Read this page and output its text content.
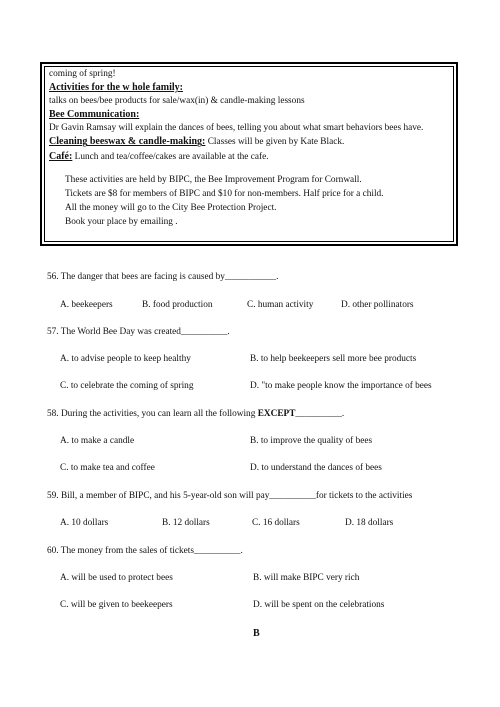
coming of spring!
Activities for the w hole family:
talks on bees/bee products for sale/wax(in) & candle-making lessons
Bee Communication:
Dr Gavin Ramsay will explain the dances of bees, telling you about what smart behaviors bees have.
Cleaning beeswax & candle-making: Classes will be given by Kate Black.
Café: Lunch and tea/coffee/cakes are available at the cafe.
These activities are held by BIPC, the Bee Improvement Program for Cornwall.
Tickets are $8 for members of BIPC and $10 for non-members. Half price for a child.
All the money will go to the City Bee Protection Project.
Book your place by emailing .
56. The danger that bees are facing is caused by___________.
A. beekeepers	B. food production	C. human activity	D. other pollinators
57. The World Bee Day was created__________.
A. to advise people to keep healthy	B. to help beekeepers sell more bee products
C. to celebrate the coming of spring	D. "to make people know the importance of bees
58. During the activities, you can learn all the following EXCEPT__________.
A. to make a candle	B. to improve the quality of bees
C. to make tea and coffee	D. to understand the dances of bees
59. Bill, a member of BIPC, and his 5-year-old son will pay__________for tickets to the activities
A. 10 dollars	B. 12 dollars	C. 16 dollars	D. 18 dollars
60. The money from the sales of tickets__________.
A. will be used to protect bees	B. will make BIPC very rich
C. will be given to beekeepers	D. will be spent on the celebrations
B
